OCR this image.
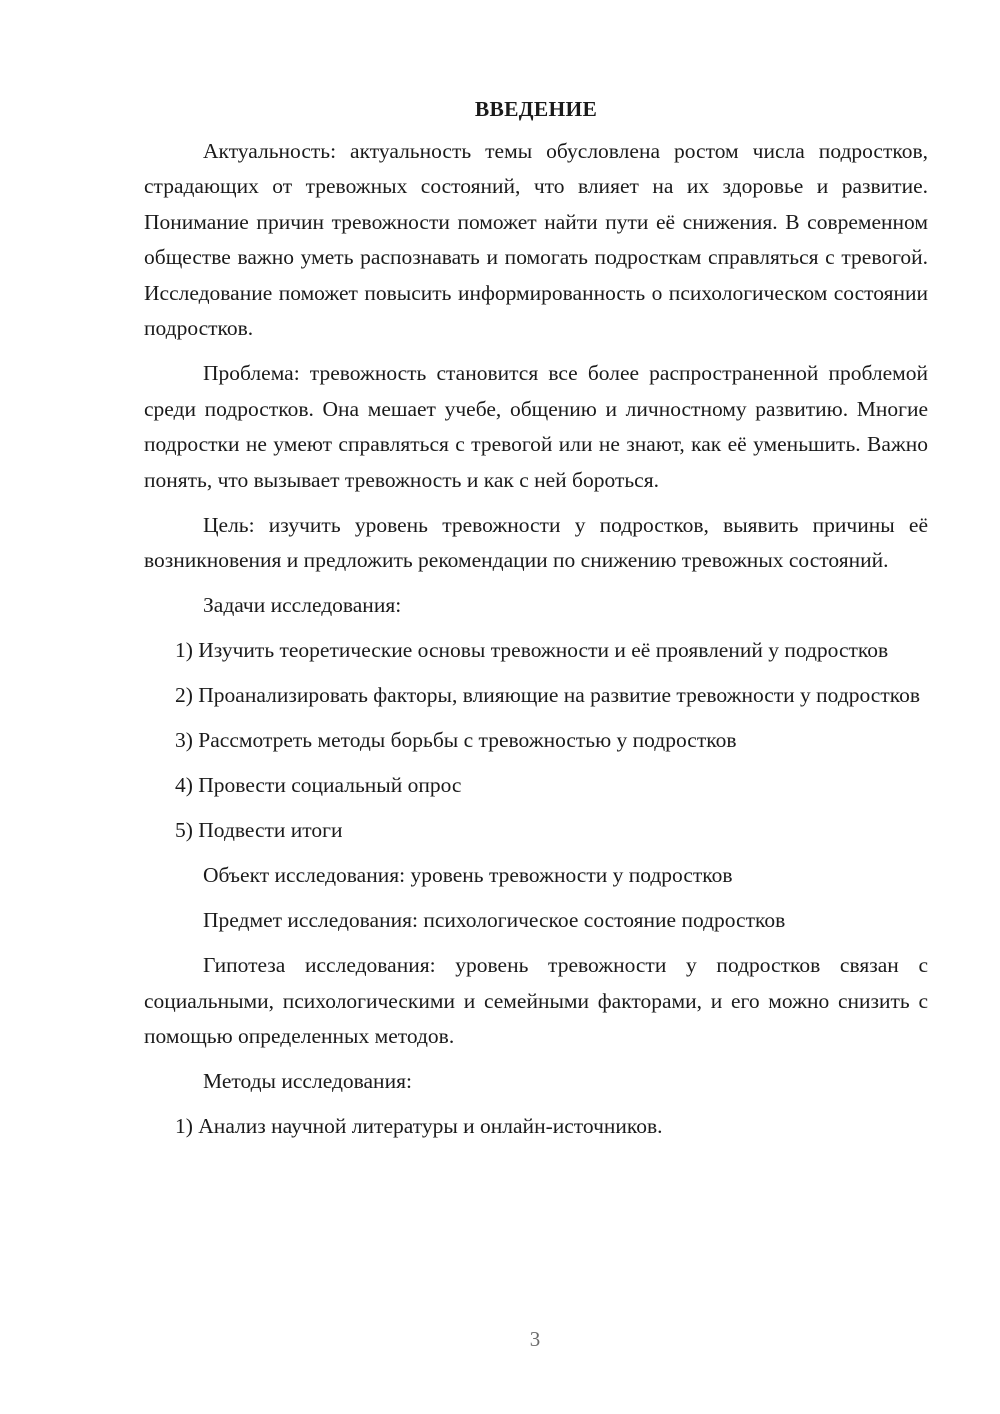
ВВЕДЕНИЕ

Актуальность: актуальность темы обусловлена ростом числа подростков, страдающих от тревожных состояний, что влияет на их здоровье и развитие. Понимание причин тревожности поможет найти пути её снижения. В современном обществе важно уметь распознавать и помогать подросткам справляться с тревогой. Исследование поможет повысить информированность о психологическом состоянии подростков.

Проблема: тревожность становится все более распространенной проблемой среди подростков. Она мешает учебе, общению и личностному развитию. Многие подростки не умеют справляться с тревогой или не знают, как её уменьшить. Важно понять, что вызывает тревожность и как с ней бороться.

Цель: изучить уровень тревожности у подростков, выявить причины её возникновения и предложить рекомендации по снижению тревожных состояний.

Задачи исследования:

1) Изучить теоретические основы тревожности и её проявлений у подростков

2) Проанализировать факторы, влияющие на развитие тревожности у подростков

3) Рассмотреть методы борьбы с тревожностью у подростков

4) Провести социальный опрос

5) Подвести итоги

Объект исследования: уровень тревожности у подростков

Предмет исследования: психологическое состояние подростков

Гипотеза исследования: уровень тревожности у подростков связан с социальными, психологическими и семейными факторами, и его можно снизить с помощью определенных методов.

Методы исследования:

1) Анализ научной литературы и онлайн-источников.

3
